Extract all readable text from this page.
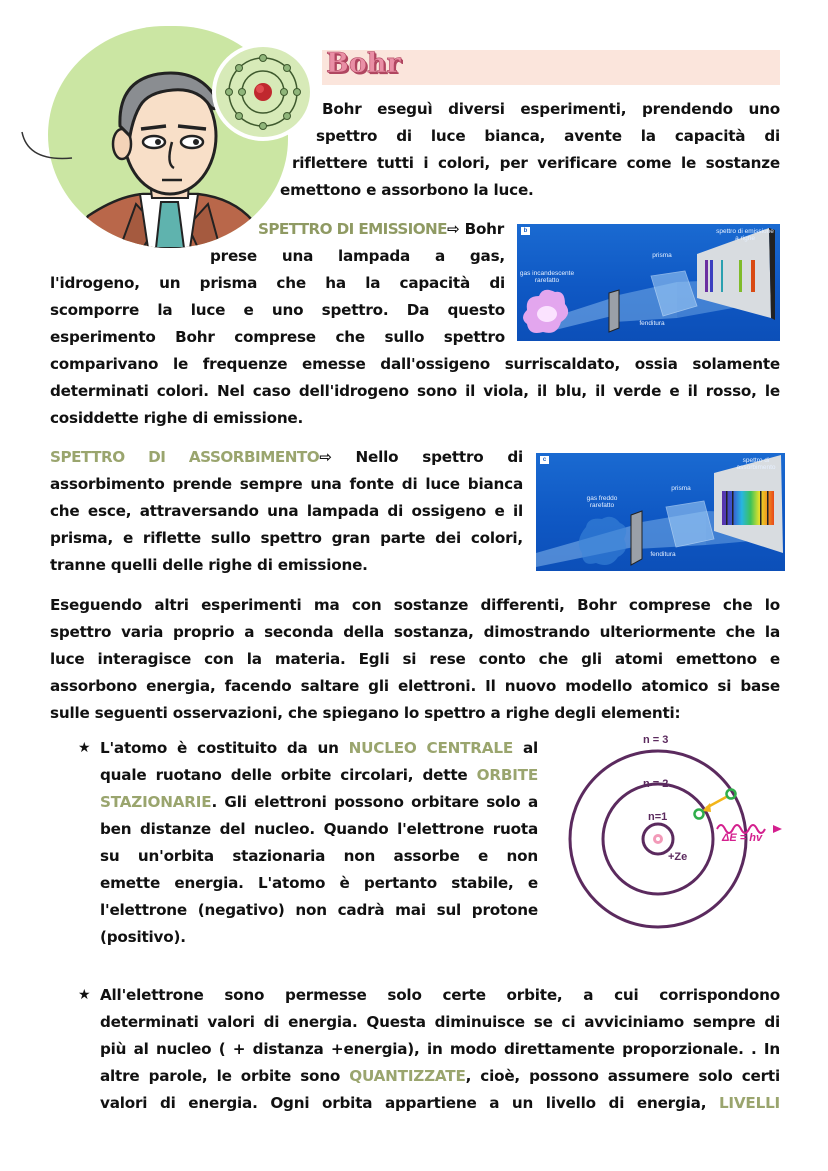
Bohr
Bohr eseguì diversi esperimenti, prendendo uno
spettro di luce bianca, avente la capacità di
riflettere tutti i colori, per verificare come le sostanze
emettono e assorbono la luce.
SPETTRO DI EMISSIONE⇨ Bohr
prese una lampada a gas,
l'idrogeno, un prisma che ha la capacità di
scomporre la luce e uno spettro. Da questo
esperimento Bohr comprese che sullo spettro
comparivano le frequenze emesse dall'ossigeno surriscaldato, ossia solamente
determinati colori. Nel caso dell'idrogeno sono il viola, il blu, il verde e il rosso, le
cosiddette righe di emissione.
b
gas incandescente rarefatto
prisma
fenditura
spettro di emissione a righe
SPETTRO DI ASSORBIMENTO⇨ Nello spettro di
assorbimento prende sempre una fonte di luce bianca
che esce, attraversando una lampada di ossigeno e il
prisma, e riflette sullo spettro gran parte dei colori,
tranne quelli delle righe di emissione.
c
gas freddo rarefatto
prisma
fenditura
spettro di assorbimento
Eseguendo altri esperimenti ma con sostanze differenti, Bohr comprese che lo
spettro varia proprio a seconda della sostanza, dimostrando ulteriormente che la
luce interagisce con la materia. Egli si rese conto che gli atomi emettono e
assorbono energia, facendo saltare gli elettroni. Il nuovo modello atomico si base
sulle seguenti osservazioni, che spiegano lo spettro a righe degli elementi:
★ L'atomo è costituito da un NUCLEO CENTRALE al
quale ruotano delle orbite circolari, dette ORBITE
STAZIONARIE. Gli elettroni possono orbitare solo a
ben distanze del nucleo. Quando l'elettrone ruota
su un'orbita stazionaria non assorbe e non
emette energia. L'atomo è pertanto stabile, e
l'elettrone (negativo) non cadrà mai sul protone
(positivo).
n = 3
n = 2
n=1
+Ze
ΔE = hv
★ All'elettrone sono permesse solo certe orbite, a cui corrispondono
determinati valori di energia. Questa diminuisce se ci avviciniamo sempre di
più al nucleo ( + distanza +energia), in modo direttamente proporzionale. . In
altre parole, le orbite sono QUANTIZZATE, cioè, possono assumere solo certi
valori di energia. Ogni orbita appartiene a un livello di energia, LIVELLI
